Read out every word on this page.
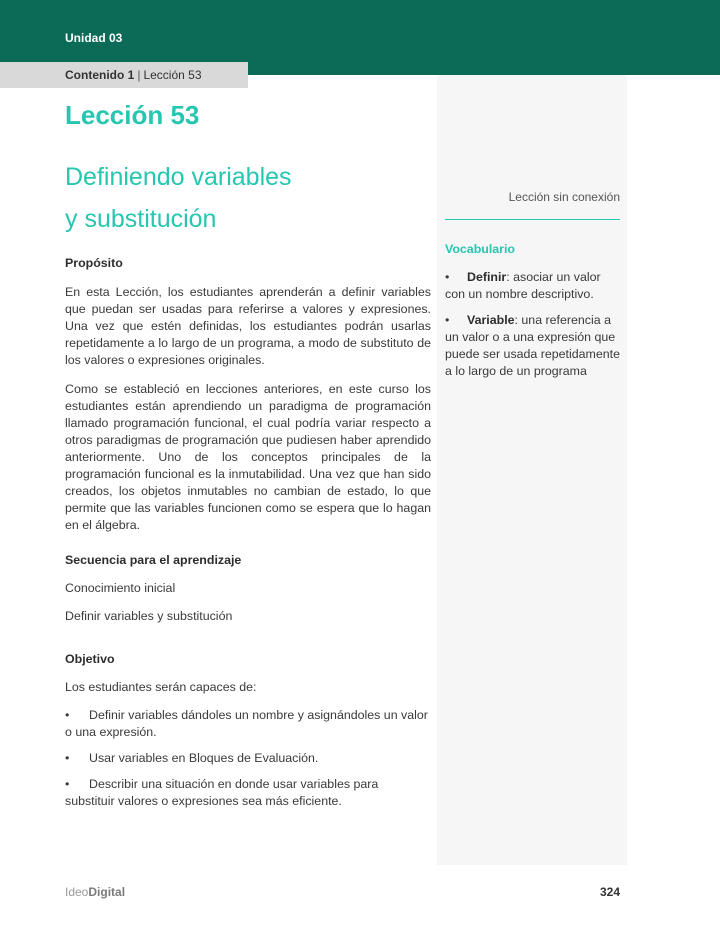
Unidad 03
Contenido 1 | Lección 53
Lección 53
Definiendo variables
y substitución
Propósito

En esta Lección, los estudiantes aprenderán a definir variables que puedan ser usadas para referirse a valores y expresiones. Una vez que estén definidas, los estudiantes podrán usarlas repetidamente a lo largo de un programa, a modo de substituto de los valores o expresiones originales.

Como se estableció en lecciones anteriores, en este curso los estudiantes están aprendiendo un paradigma de programación llamado programación funcional, el cual podría variar respecto a otros paradigmas de programación que pudiesen haber aprendido anteriormente. Uno de los conceptos principales de la programación funcional es la inmutabilidad. Una vez que han sido creados, los objetos inmutables no cambian de estado, lo que permite que las variables funcionen como se espera que lo hagan en el álgebra.

Secuencia para el aprendizaje

Conocimiento inicial

Definir variables y substitución

Objetivo

Los estudiantes serán capaces de:

• Definir variables dándoles un nombre y asignándoles un valor o una expresión.

• Usar variables en Bloques de Evaluación.

• Describir una situación en donde usar variables para substituir valores o expresiones sea más eficiente.

Lección sin conexión
Vocabulario

• Definir: asociar un valor con un nombre descriptivo.

• Variable: una referencia a un valor o a una expresión que puede ser usada repetidamente a lo largo de un programa

IdeoDigital	324
